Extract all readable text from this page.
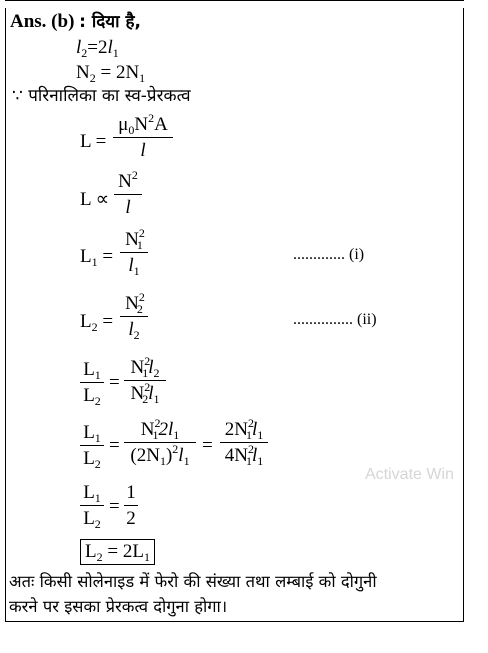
Ans. (b) : दिया है,
$l_2=2l_1$
$N_2 = 2N_1$
∵ परिनालिका का स्व-प्रेरकत्व
L =
$\mu_0N^2A$
l
L ∝
$N^2$
l
$L_1$ =
$N^2_1$
$l_1$
............. (i)
$L_2$ =
$N^2_2$
$l_2$
............... (ii)
$L_1$
$L_2$
=
$N^2_1l_2$
$N^2_2l_1$
$L_1$
$L_2$
=
$N^2_12l_1$
$(2N_1)^2l_1$
=
$2N^2_1l_1$
$4N^2_1l_1$
$L_1$
$L_2$
=
1
2
$L_2 = 2L_1$
अतः किसी सोलेनाइड में फेरो की संख्या तथा लम्बाई को दोगुनी
करने पर इसका प्रेरकत्व दोगुना होगा।
Activate Win
